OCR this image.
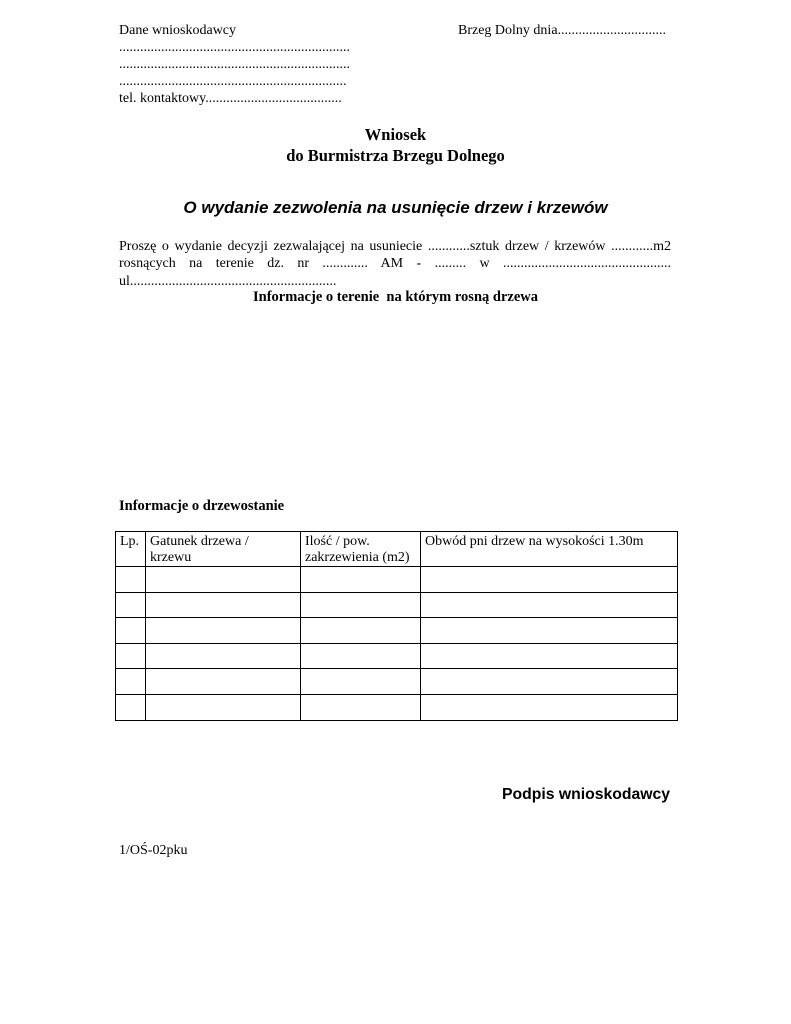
Dane wnioskodawcy
..................................................................
..................................................................
.................................................................
tel. kontaktowy.......................................
Brzeg Dolny dnia...............................
Wniosek
do Burmistrza Brzegu Dolnego
O wydanie zezwolenia na usunięcie drzew i krzewów
Proszę o wydanie decyzji zezwalającej na usuniecie ............sztuk drzew / krzewów ............m2
rosnących na terenie dz. nr ............. AM - ......... w ................................................
ul...........................................................
Informacje o terenie  na którym rosną drzewa

Informacje o drzewostanie
Lp.	Gatunek drzewa / krzewu	Ilość / pow. zakrzewienia (m2)	Obwód pni drzew na wysokości 1.30m

Podpis wnioskodawcy
1/OŚ-02pku
